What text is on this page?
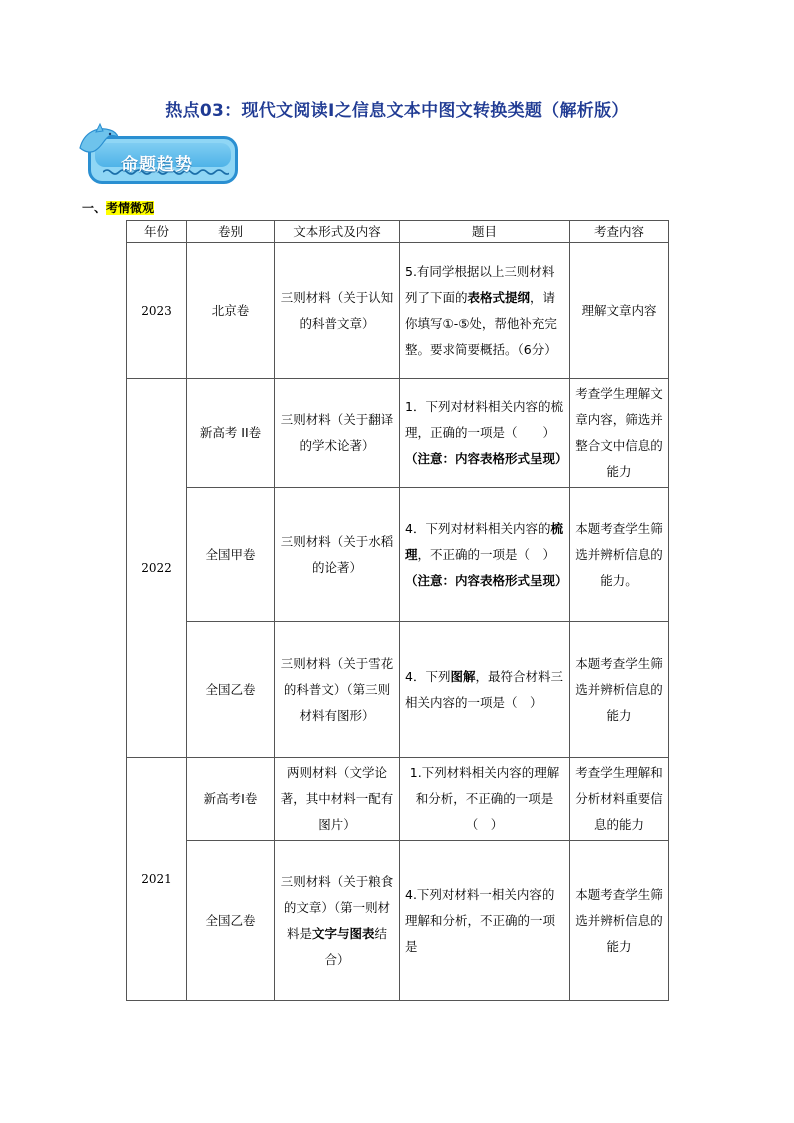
热点03：现代文阅读Ⅰ之信息文本中图文转换类题（解析版）
命题趋势
一、考情微观
年份	卷别	文本形式及内容	题目	考查内容
2023	北京卷	三则材料（关于认知的科普文章）	5.有同学根据以上三则材料列了下面的表格式提纲，请你填写①-⑤处，帮他补充完整。要求简要概括。（6分）	理解文章内容
2022	新高考 II卷	三则材料（关于翻译的学术论著）	1．下列对材料相关内容的梳理，正确的一项是（　　）（注意：内容表格形式呈现）	考查学生理解文章内容，筛选并整合文中信息的能力
	全国甲卷	三则材料（关于水稻的论著）	4．下列对材料相关内容的梳理，不正确的一项是（　）（注意：内容表格形式呈现）	本题考查学生筛选并辨析信息的能力。
	全国乙卷	三则材料（关于雪花的科普文）（第三则材料有图形）	4．下列图解，最符合材料三相关内容的一项是（　）	本题考查学生筛选并辨析信息的能力
2021	新高考Ⅰ卷	两则材料（文学论著，其中材料一配有图片）	1.下列材料相关内容的理解和分析，不正确的一项是（　）	考查学生理解和分析材料重要信息的能力
	全国乙卷	三则材料（关于粮食的文章）（第一则材料是文字与图表结合）	4.下列对材料一相关内容的理解和分析，不正确的一项是	本题考查学生筛选并辨析信息的能力
